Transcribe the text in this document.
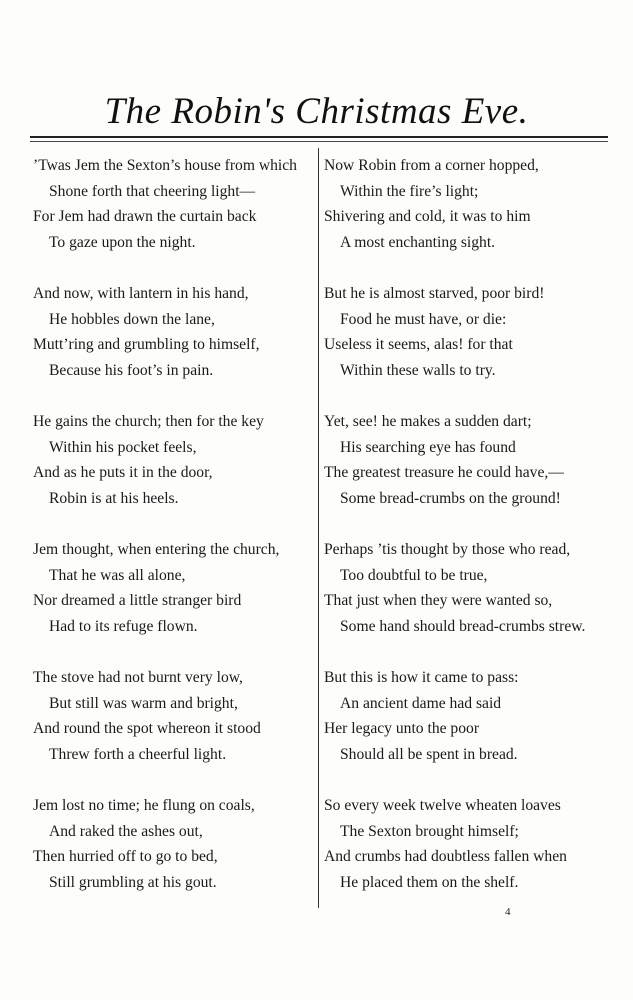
The Robin's Christmas Eve.
’Twas Jem the Sexton’s house from which
Shone forth that cheering light—
For Jem had drawn the curtain back
To gaze upon the night.
And now, with lantern in his hand,
He hobbles down the lane,
Mutt’ring and grumbling to himself,
Because his foot’s in pain.
He gains the church; then for the key
Within his pocket feels,
And as he puts it in the door,
Robin is at his heels.
Jem thought, when entering the church,
That he was all alone,
Nor dreamed a little stranger bird
Had to its refuge flown.
The stove had not burnt very low,
But still was warm and bright,
And round the spot whereon it stood
Threw forth a cheerful light.
Jem lost no time; he flung on coals,
And raked the ashes out,
Then hurried off to go to bed,
Still grumbling at his gout.
Now Robin from a corner hopped,
Within the fire’s light;
Shivering and cold, it was to him
A most enchanting sight.
But he is almost starved, poor bird!
Food he must have, or die:
Useless it seems, alas! for that
Within these walls to try.
Yet, see! he makes a sudden dart;
His searching eye has found
The greatest treasure he could have,—
Some bread-crumbs on the ground!
Perhaps ’tis thought by those who read,
Too doubtful to be true,
That just when they were wanted so,
Some hand should bread-crumbs strew.
But this is how it came to pass:
An ancient dame had said
Her legacy unto the poor
Should all be spent in bread.
So every week twelve wheaten loaves
The Sexton brought himself;
And crumbs had doubtless fallen when
He placed them on the shelf.
4
